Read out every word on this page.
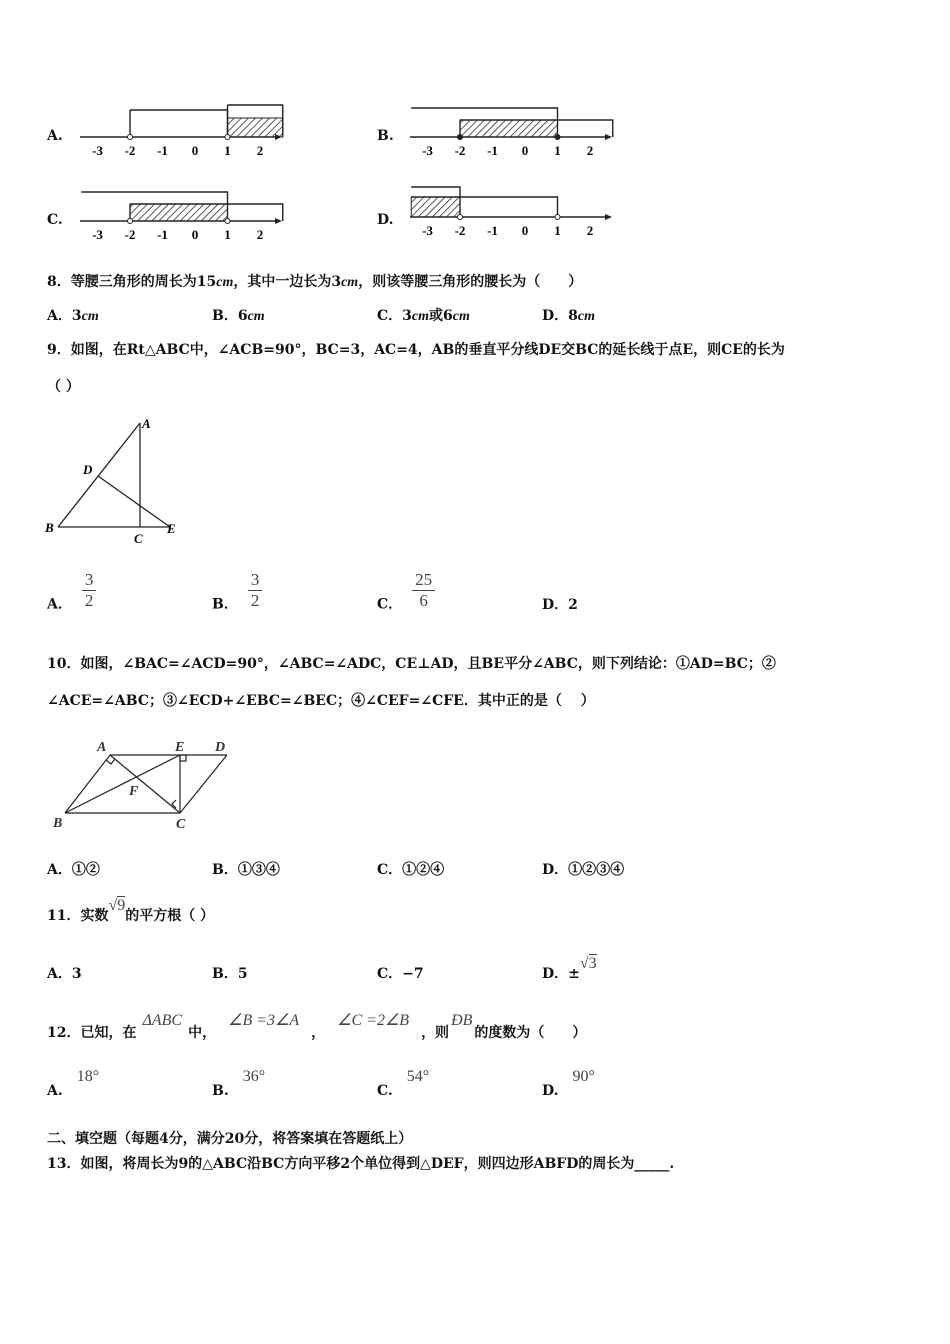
A.	B.
C.	D.
-3 -2 -1 0 1 2	-3 -2 -1 0 1 2
-3 -2 -1 0 1 2	-3 -2 -1 0 1 2
8．等腰三角形的周长为15cm，其中一边长为3cm，则该等腰三角形的腰长为（　　）
A．3cm	B．6cm	C．3cm或6cm	D．8cm
9．如图，在Rt△ABC中，∠ACB=90°，BC=3，AC=4，AB的垂直平分线DE交BC的延长线于点E，则CE的长为
（ ）
A
B
C
D
E
A． $\frac{3}{2}$	B． $\frac{3}{2}$	C． $\frac{25}{6}$	D．2
10．如图，∠BAC=∠ACD=90°，∠ABC=∠ADC，CE⊥AD，且BE平分∠ABC，则下列结论：①AD=BC；②
∠ACE=∠ABC；③∠ECD+∠EBC=∠BEC；④∠CEF=∠CFE．其中正的是（　 ）
A	E D
B	C
F
A．①②	B．①③④	C．①②④	D．①②③④
11．实数√9的平方根（ ）
A．3	B．5	C．−7	D．±√3
12．已知，在ΔABC中，∠B =3∠A，∠C =2∠B，则ÐB的度数为（　　）
A.18°
B.36°
C.54°
D.90°
二、填空题（每题4分，满分20分，将答案填在答题纸上）
13．如图，将周长为9的△ABC沿BC方向平移2个单位得到△DEF，则四边形ABFD的周长为_____.
